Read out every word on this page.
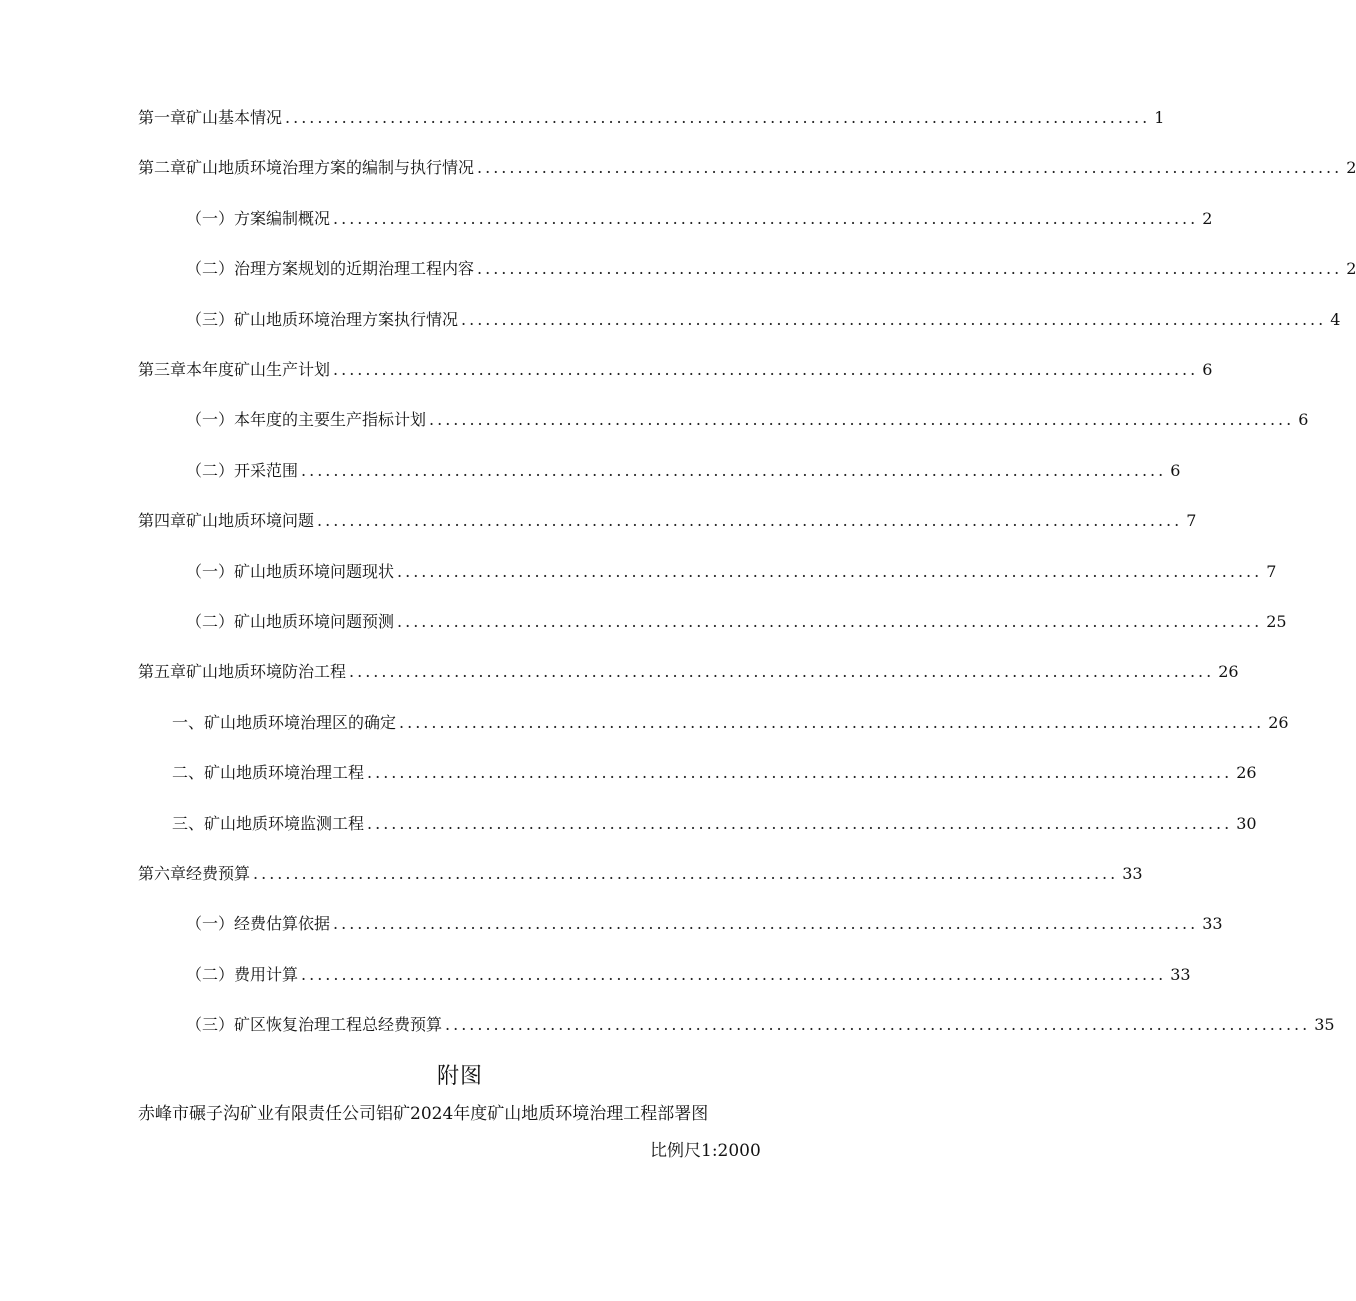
第一章矿山基本情况 ........................................................................................................... 1
第二章矿山地质环境治理方案的编制与执行情况 ........................................................................................................... 2
（一）方案编制概况 ........................................................................................................... 2
（二）治理方案规划的近期治理工程内容 ........................................................................................................... 2
（三）矿山地质环境治理方案执行情况 ........................................................................................................... 4
第三章本年度矿山生产计划 ........................................................................................................... 6
（一）本年度的主要生产指标计划 ........................................................................................................... 6
（二）开采范围 ........................................................................................................... 6
第四章矿山地质环境问题 ........................................................................................................... 7
（一）矿山地质环境问题现状 ........................................................................................................... 7
（二）矿山地质环境问题预测 ........................................................................................................... 25
第五章矿山地质环境防治工程 ........................................................................................................... 26
一、矿山地质环境治理区的确定 ........................................................................................................... 26
二、矿山地质环境治理工程 ........................................................................................................... 26
三、矿山地质环境监测工程 ........................................................................................................... 30
第六章经费预算 ........................................................................................................... 33
（一）经费估算依据 ........................................................................................................... 33
（二）费用计算 ........................................................................................................... 33
（三）矿区恢复治理工程总经费预算 ........................................................................................................... 35
附图
赤峰市碾子沟矿业有限责任公司铝矿2024年度矿山地质环境治理工程部署图
比例尺1:2000
